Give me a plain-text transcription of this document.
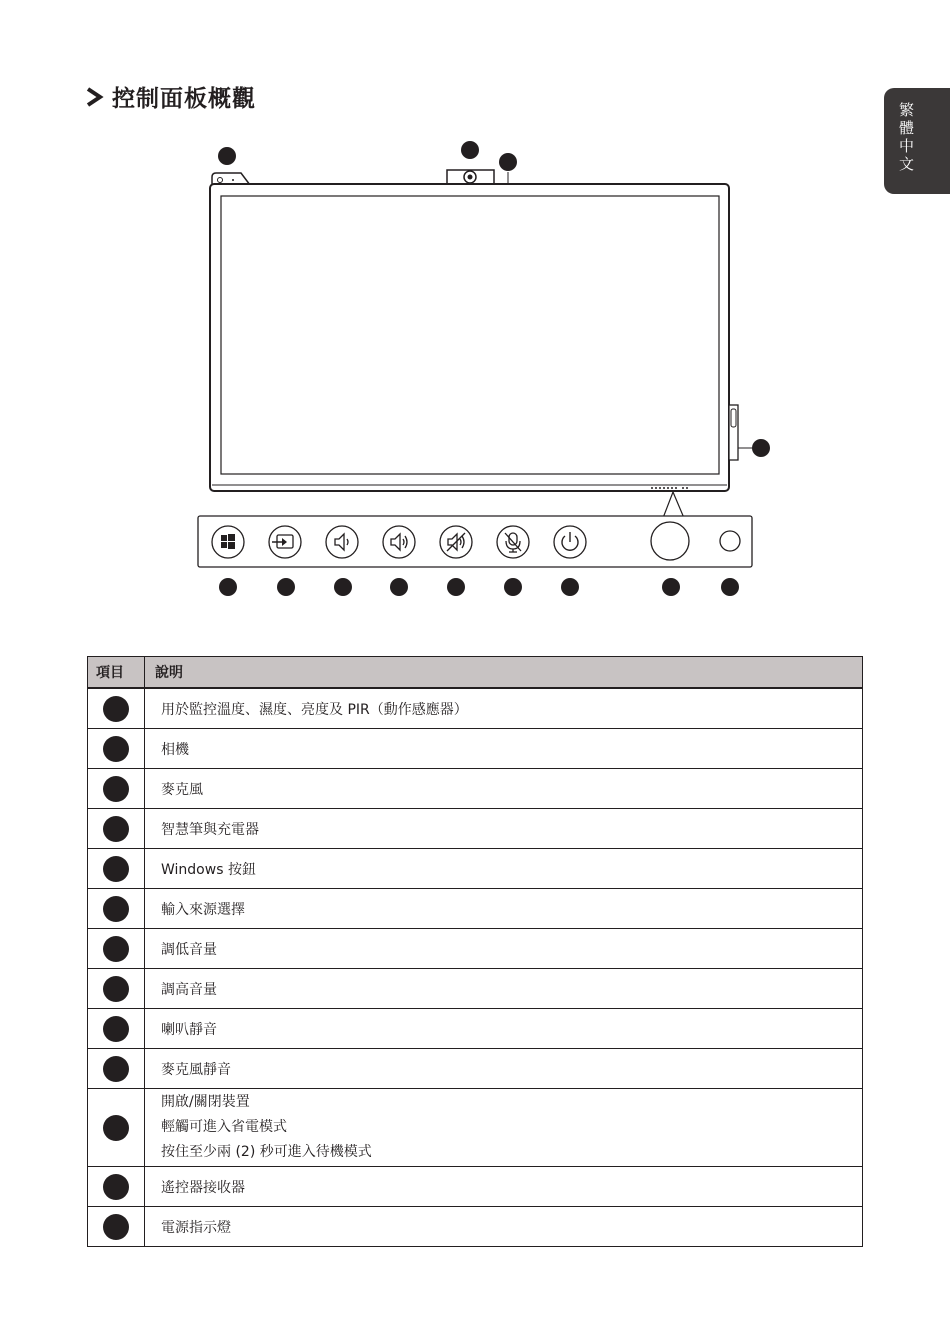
控制面板概觀
繁體中文
項目	說明
	用於監控溫度、濕度、亮度及 PIR（動作感應器）
	相機
	麥克風
	智慧筆與充電器
	Windows 按鈕
	輸入來源選擇
	調低音量
	調高音量
	喇叭靜音
	麥克風靜音

	開啟/關閉裝置
輕觸可進入省電模式
按住至少兩 (2) 秒可進入待機模式

	遙控器接收器
	電源指示燈
